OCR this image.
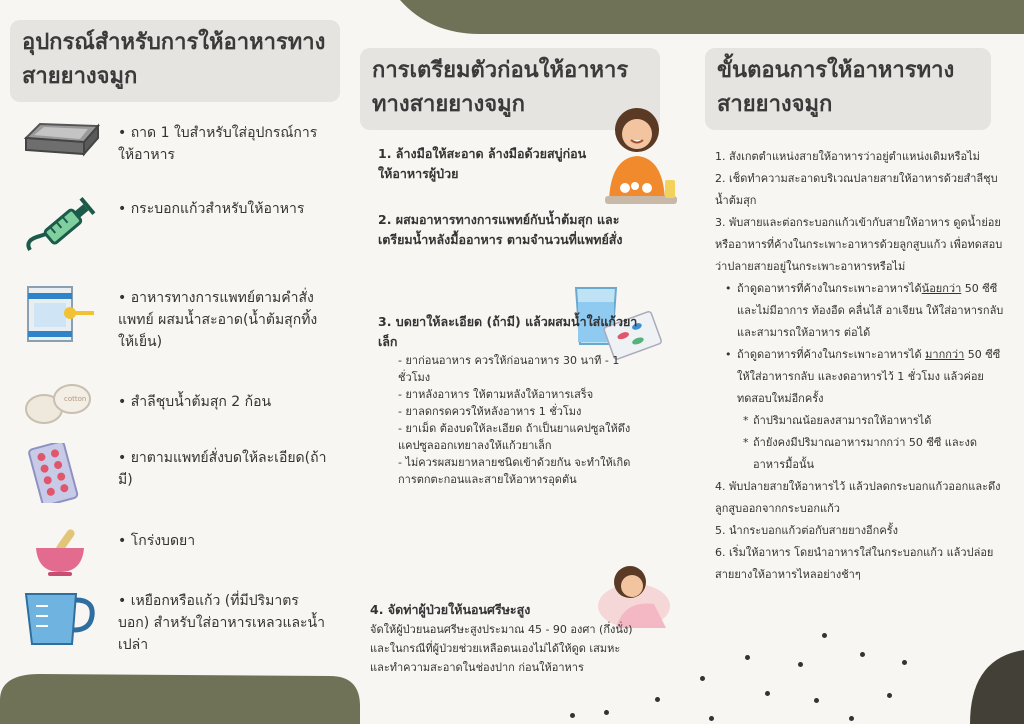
อุปกรณ์สำหรับการให้อาหารทางสายยางจมูก
• ถาด 1 ใบสำหรับใส่อุปกรณ์การให้อาหาร
• กระบอกแก้วสำหรับให้อาหาร
• อาหารทางการแพทย์ตามคำสั่งแพทย์ ผสมน้ำสะอาด(น้ำต้มสุกทิ้งให้เย็น)
cotton • สำลีชุบน้ำต้มสุก 2 ก้อน
• ยาตามแพทย์สั่งบดให้ละเอียด(ถ้ามี)
• โกร่งบดยา
• เหยือกหรือแก้ว (ที่มีปริมาตรบอก) สำหรับใส่อาหารเหลวและน้ำเปล่า
การเตรียมตัวก่อนให้อาหารทางสายยางจมูก
1. ล้างมือให้สะอาด ล้างมือด้วยสบู่ก่อนให้อาหารผู้ป่วย
2. ผสมอาหารทางการแพทย์กับน้ำต้มสุก และเตรียมน้ำหลังมื้ออาหาร ตามจำนวนที่แพทย์สั่ง
3. บดยาให้ละเอียด (ถ้ามี) แล้วผสมน้ำใส่แก้วยาเล็ก
- ยาก่อนอาหาร ควรให้ก่อนอาหาร 30 นาที - 1 ชั่วโมง
- ยาหลังอาหาร ให้ตามหลังให้อาหารเสร็จ
- ยาลดกรดควรให้หลังอาหาร 1 ชั่วโมง
- ยาเม็ด ต้องบดให้ละเอียด ถ้าเป็นยาแคปซูลให้ดึง แคปซูลออกเทยาลงให้แก้วยาเล็ก
- ไม่ควรผสมยาหลายชนิดเข้าด้วยกัน จะทำให้เกิดการตกตะกอนและสายให้อาหารอุดตัน
4. จัดท่าผู้ป่วยให้นอนศรีษะสูง
จัดให้ผู้ป่วยนอนศรีษะสูงประมาณ 45 - 90 องศา (กึ่งนั่ง) และในกรณีที่ผู้ป่วยช่วยเหลือตนเองไม่ได้ให้ดูด เสมหะ และทำความสะอาดในช่องปาก ก่อนให้อาหาร
ขั้นตอนการให้อาหารทางสายยางจมูก
1. สังเกตตำแหน่งสายให้อาหารว่าอยู่ตำแหน่งเดิมหรือไม่
2. เช็ดทำความสะอาดบริเวณปลายสายให้อาหารด้วยสำลีชุบน้ำต้มสุก
3. พับสายและต่อกระบอกแก้วเข้ากับสายให้อาหาร ดูดน้ำย่อย หรืออาหารที่ค้างในกระเพาะอาหารด้วยลูกสูบแก้ว เพื่อทดสอบว่าปลายสายอยู่ในกระเพาะอาหารหรือไม่
• ถ้าดูดอาหารที่ค้างในกระเพาะอาหารได้น้อยกว่า 50 ซีซี และไม่มีอาการ ท้องอืด คลื่นไส้ อาเจียน ให้ใส่อาหารกลับ และสามารถให้อาหาร ต่อได้
• ถ้าดูดอาหารที่ค้างในกระเพาะอาหารได้ มากกว่า 50 ซีซี ให้ใส่อาหารกลับ และงดอาหารไว้ 1 ชั่วโมง แล้วค่อยทดสอบใหม่อีกครั้ง
* ถ้าปริมาณน้อยลงสามารถให้อาหารได้
* ถ้ายังคงมีปริมาณอาหารมากกว่า 50 ซีซี และงดอาหารมื้อนั้น
4. พับปลายสายให้อาหารไว้ แล้วปลดกระบอกแก้วออกและดึงลูกสูบออกจากกระบอกแก้ว
5. นำกระบอกแก้วต่อกับสายยางอีกครั้ง
6. เริ่มให้อาหาร โดยนำอาหารใส่ในกระบอกแก้ว แล้วปล่อยสายยางให้อาหารไหลอย่างช้าๆ
